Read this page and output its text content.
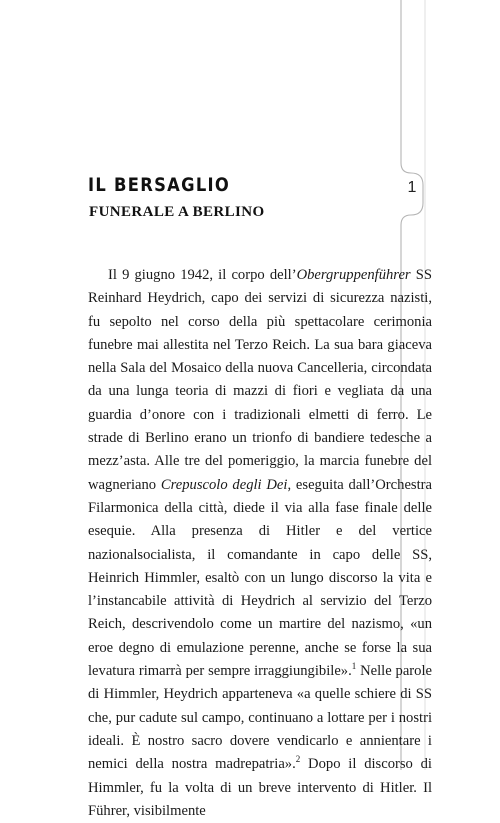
1
IL BERSAGLIO
FUNERALE A BERLINO

Il 9 giugno 1942, il corpo dell’Obergruppenführer SS Reinhard Heydrich, capo dei servizi di sicurezza nazisti, fu sepolto nel corso della più spettacolare cerimonia funebre mai allestita nel Terzo Reich. La sua bara giaceva nella Sala del Mosaico della nuova Cancelleria, circondata da una lunga teoria di mazzi di fiori e vegliata da una guardia d’onore con i tradizionali elmetti di ferro. Le strade di Berlino erano un trionfo di bandiere tedesche a mezz’asta. Alle tre del pomeriggio, la marcia funebre del wagneriano Crepuscolo degli Dei, eseguita dall’Orchestra Filarmonica della città, diede il via alla fase finale delle esequie. Alla presenza di Hitler e del vertice nazionalsocialista, il comandante in capo delle SS, Heinrich Himmler, esaltò con un lungo discorso la vita e l’instancabile attività di Heydrich al servizio del Terzo Reich, descrivendolo come un martire del nazismo, «un eroe degno di emulazione perenne, anche se forse la sua levatura rimarrà per sempre irraggiungibile».$^1$ Nelle parole di Himmler, Heydrich apparteneva «a quelle schiere di SS che, pur cadute sul campo, continuano a lottare per i nostri ideali. È nostro sacro dovere vendicarlo e annientare i nemici della nostra madrepatria».$^2$ Dopo il discorso di Himmler, fu la volta di un breve intervento di Hitler. Il Führer, visibilmente
